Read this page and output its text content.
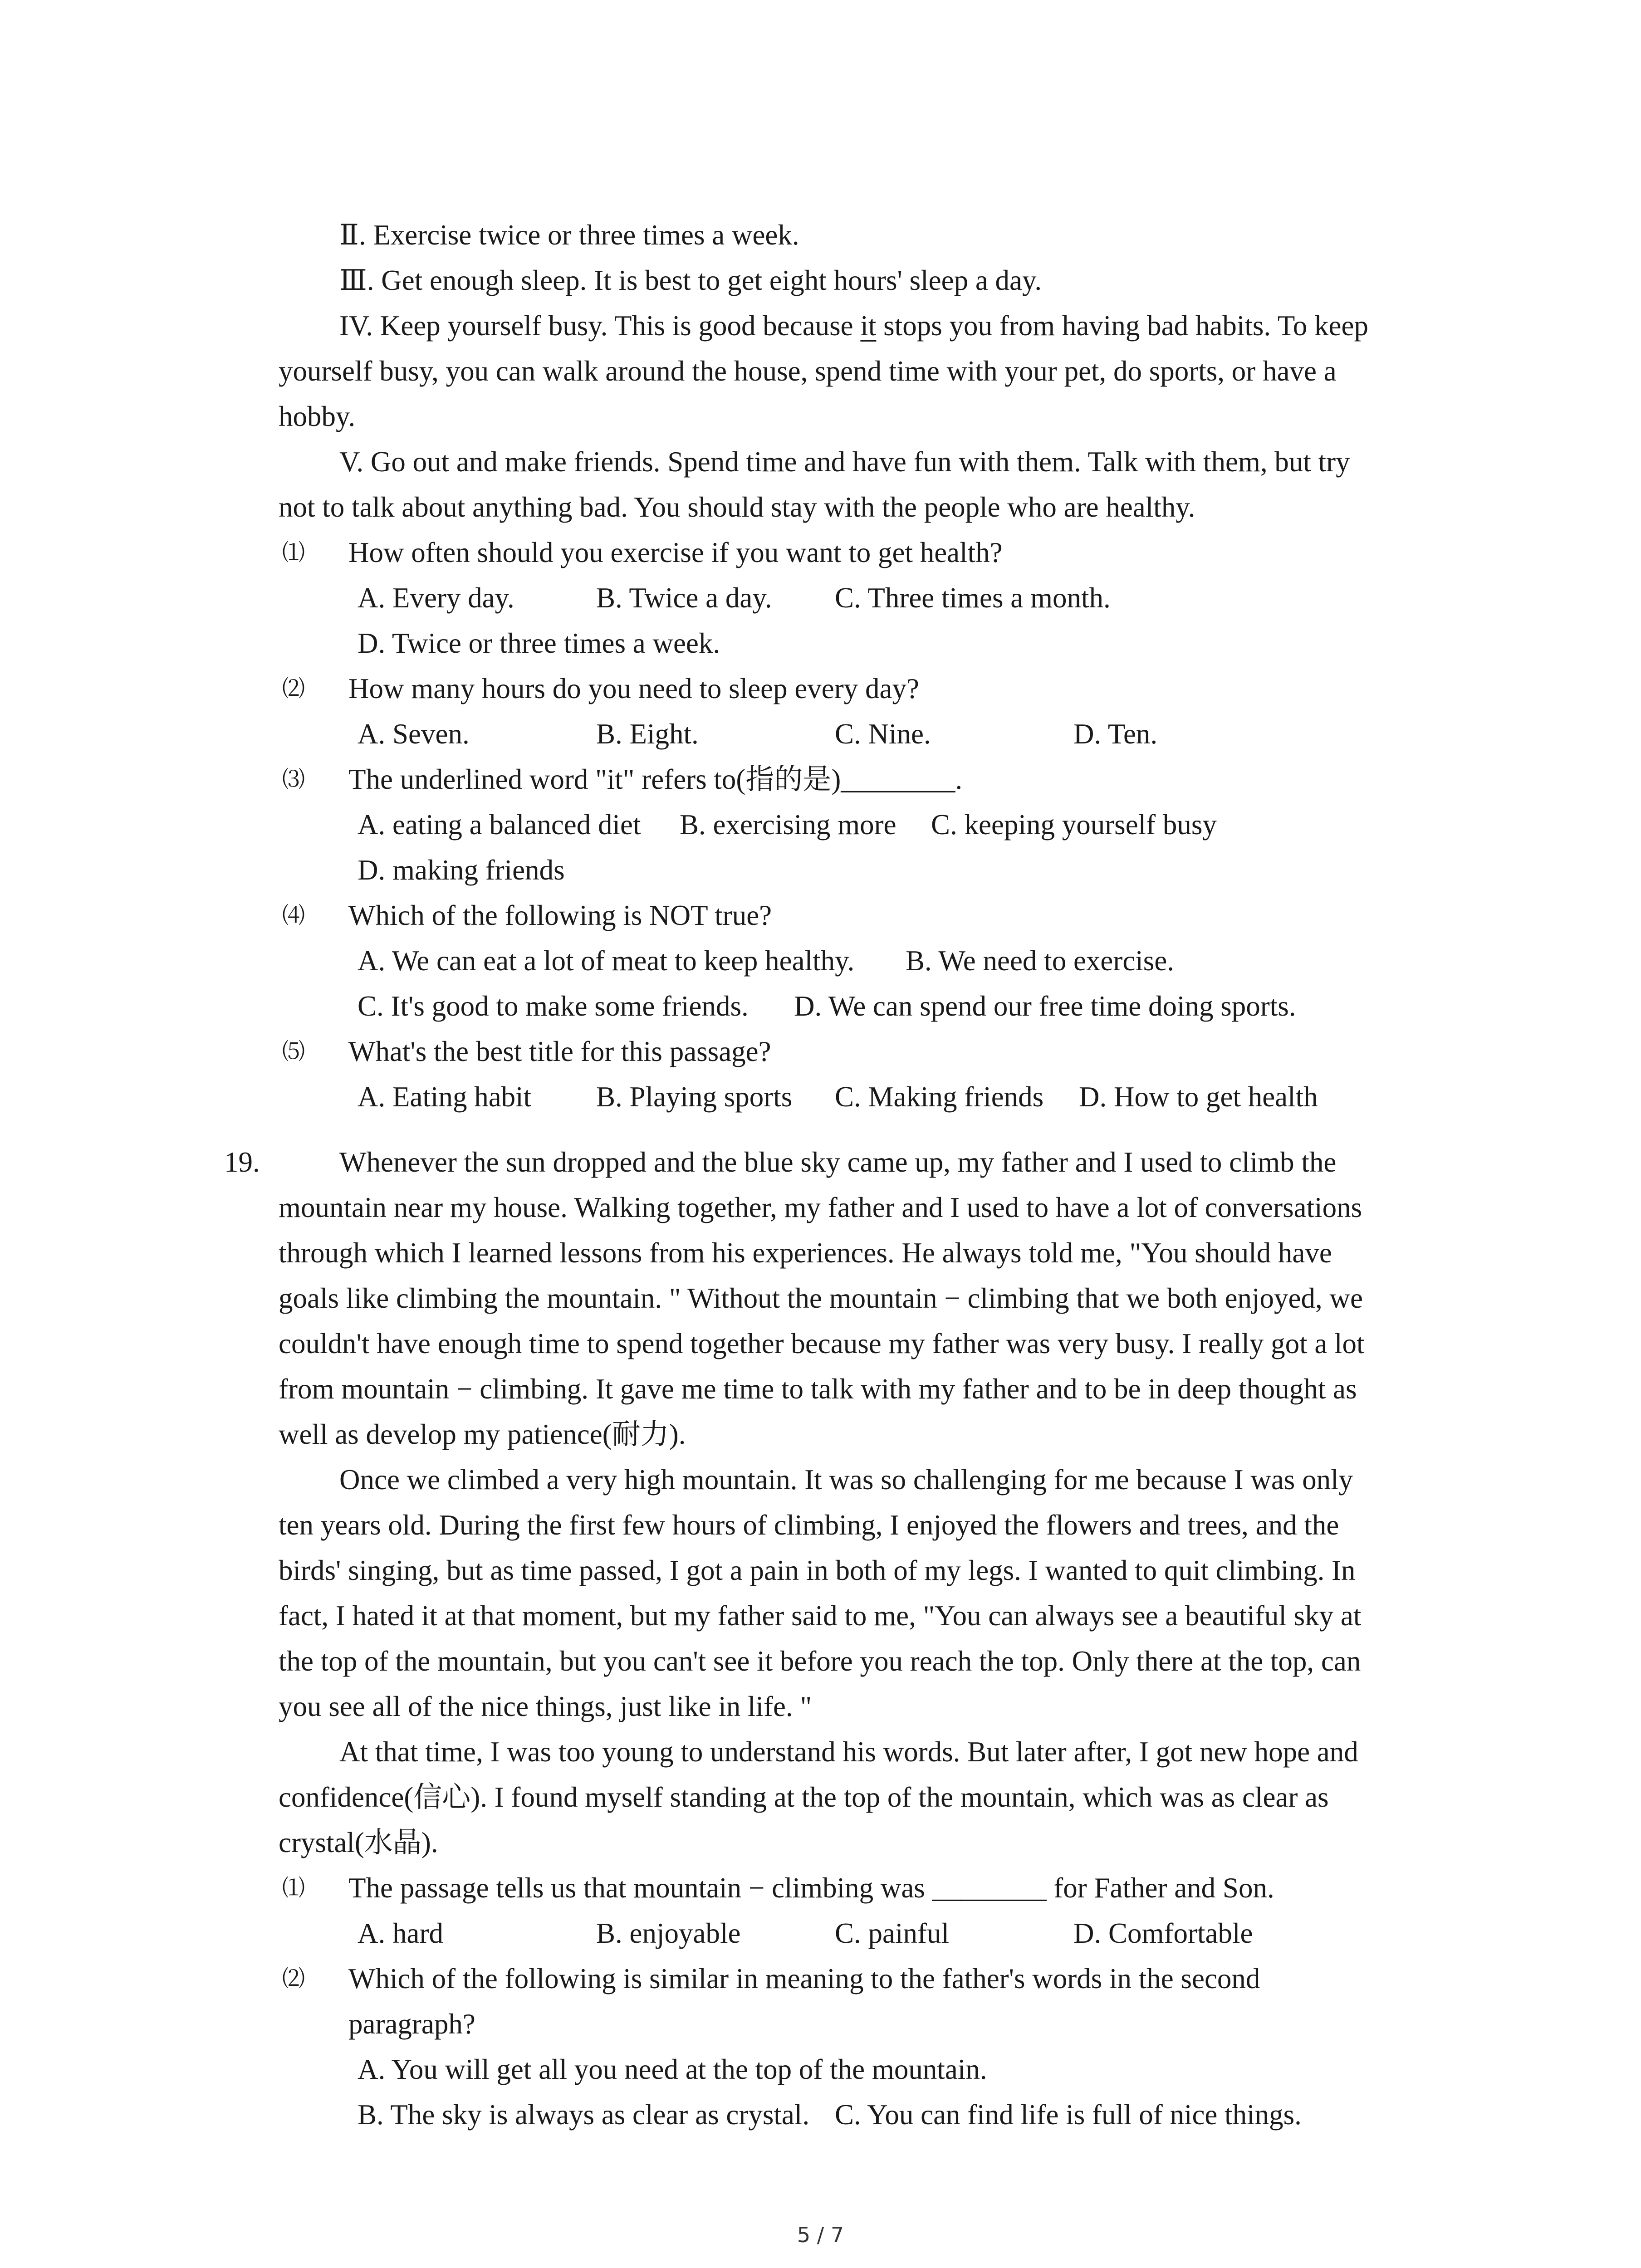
Ⅱ. Exercise twice or three times a week.
Ⅲ. Get enough sleep. It is best to get eight hours' sleep a day.
IV. Keep yourself busy. This is good because it stops you from having bad habits. To keep
yourself busy, you can walk around the house, spend time with your pet, do sports, or have a
hobby.
V. Go out and make friends. Spend time and have fun with them. Talk with them, but try
not to talk about anything bad. You should stay with the people who are healthy.
⑴ How often should you exercise if you want to get health?
A. Every day.	B. Twice a day. C. Three times a month.
D. Twice or three times a week.
⑵ How many hours do you need to sleep every day?
A. Seven.	B. Eight.	C. Nine.	D. Ten.
⑶ The underlined word "it" refers to(指的是)________.
A. eating a balanced diet B. exercising more C. keeping yourself busy
D. making friends
⑷ Which of the following is NOT true?
A. We can eat a lot of meat to keep healthy. B. We need to exercise.
C. It's good to make some friends. D. We can spend our free time doing sports.
⑸ What's the best title for this passage?
A. Eating habit B. Playing sports C. Making friends D. How to get health
19.	Whenever the sun dropped and the blue sky came up, my father and I used to climb the
mountain near my house. Walking together, my father and I used to have a lot of conversations
through which I learned lessons from his experiences. He always told me, "You should have
goals like climbing the mountain. " Without the mountain − climbing that we both enjoyed, we
couldn't have enough time to spend together because my father was very busy. I really got a lot
from mountain − climbing. It gave me time to talk with my father and to be in deep thought as
well as develop my patience(耐力).
Once we climbed a very high mountain. It was so challenging for me because I was only
ten years old. During the first few hours of climbing, I enjoyed the flowers and trees, and the
birds' singing, but as time passed, I got a pain in both of my legs. I wanted to quit climbing. In
fact, I hated it at that moment, but my father said to me, "You can always see a beautiful sky at
the top of the mountain, but you can't see it before you reach the top. Only there at the top, can
you see all of the nice things, just like in life. "
At that time, I was too young to understand his words. But later after, I got new hope and
confidence(信心). I found myself standing at the top of the mountain, which was as clear as
crystal(水晶).
⑴ The passage tells us that mountain − climbing was ________ for Father and Son.
A. hard	B. enjoyable	C. painful	D. Comfortable
⑵ Which of the following is similar in meaning to the father's words in the second
paragraph?
A. You will get all you need at the top of the mountain.
B. The sky is always as clear as crystal. C. You can find life is full of nice things.
5 / 7
